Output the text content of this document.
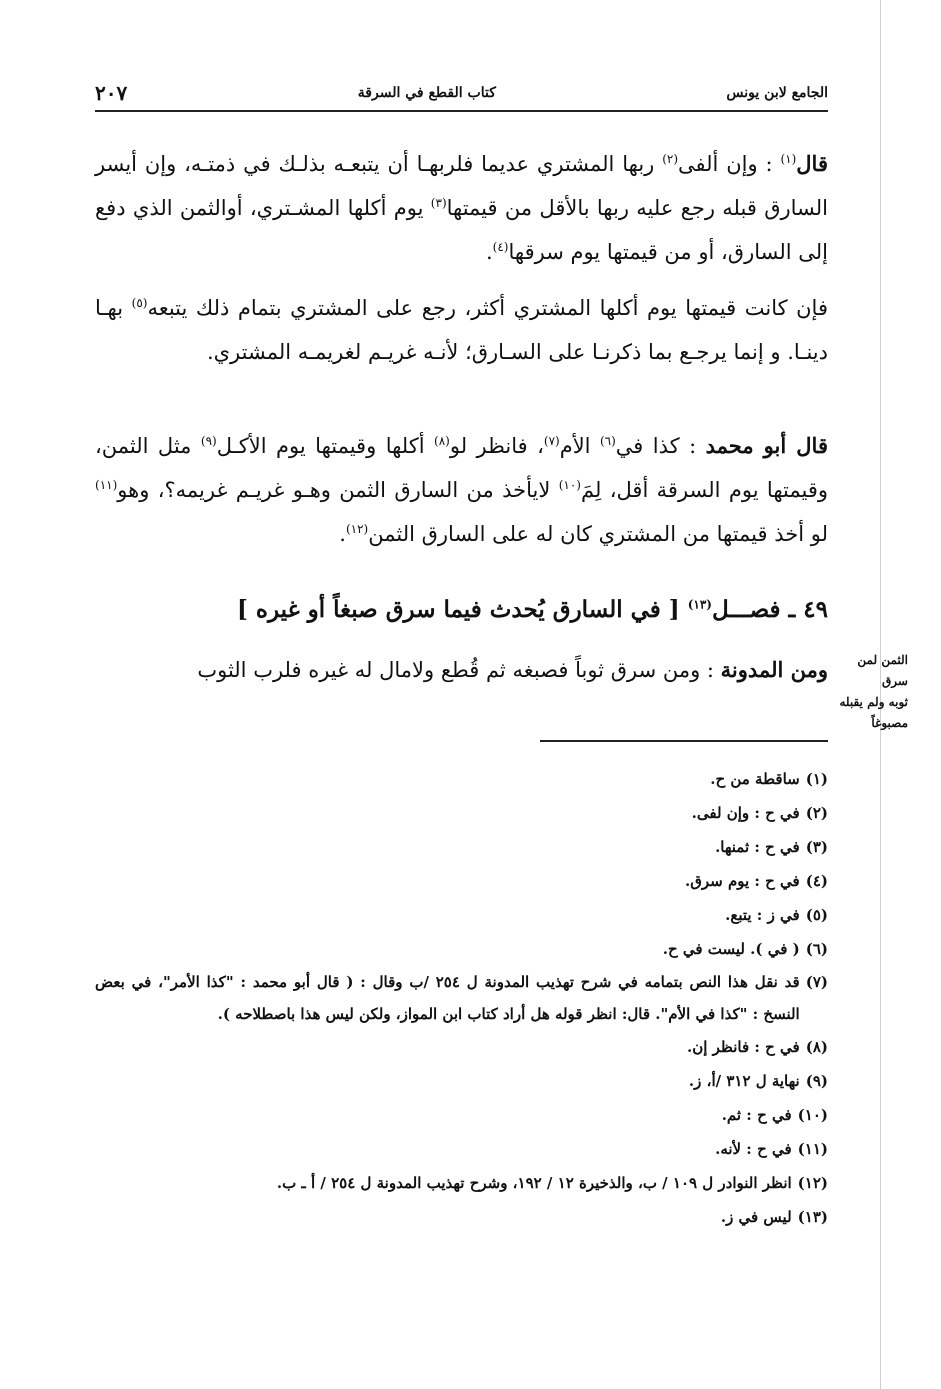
الجامع لابن يونس
كتاب القطع في السرقة
٢٠٧

قال$^{(١)}$ : وإن ألفى$^{(٢)}$ ربها المشتري عديما فلربهـا أن يتبعـه بذلـك في ذمتـه، وإن أيسر السارق قبله رجع عليه ربها بالأقل من قيمتها$^{(٣)}$ يوم أكلها المشـتري، أوالثمن الذي دفع إلى السارق، أو من قيمتها يوم سرقها$^{(٤)}$.

فإن كانت قيمتها يوم أكلها المشتري أكثر، رجع على المشتري بتمام ذلك يتبعه$^{(٥)}$ بهـا دينـا. و إنما يرجـع بما ذكرنـا على السـارق؛ لأنـه غريـم لغريمـه المشتري.

قال أبو محمد : كذا في$^{(٦)}$ الأم$^{(٧)}$، فانظر لو$^{(٨)}$ أكلها وقيمتها يوم الأكـل$^{(٩)}$ مثل الثمن، وقيمتها يوم السرقة أقل، لِمَ$^{(١٠)}$ لايأخذ من السارق الثمن وهـو غريـم غريمه؟، وهو$^{(١١)}$ لو أخذ قيمتها من المشتري كان له على السارق الثمن$^{(١٢)}$.

٤٩ ـ فصـــل$^{(١٣)}$ [ في السارق يُحدث فيما سرق صبغاً أو غيره ]

ومن المدونة : ومن سرق ثوباً فصبغه ثم قُطع ولامال له غيره فلرب الثوب	الثمن لمن سرق
ثوبه ولم يقبله
مصبوغاً
(١)
ساقطة من ح.
(٢)
في ح : وإن لفى.
(٣)
في ح : ثمنها.
(٤)
في ح : يوم سرق.
(٥)
في ز : يتبع.
(٦)
( في ). ليست في ح.
(٧)
قد نقل هذا النص بتمامه في شرح تهذيب المدونة ل ٢٥٤ /ب وقال : ( قال أبو محمد : "كذا الأمر"، في بعض النسخ : "كذا في الأم". قال: انظر قوله هل أراد كتاب ابن المواز، ولكن ليس هذا باصطلاحه ).
(٨)
في ح : فانظر إن.
(٩)
نهاية ل ٣١٢ /أ، ز.
(١٠)
في ح : ثم.
(١١)
في ح : لأنه.
(١٢)
انظر النوادر ل ١٠٩ / ب، والذخيرة ١٢ / ١٩٢، وشرح تهذيب المدونة ل ٢٥٤ / أ ـ ب.
(١٣)
ليس في ز.
